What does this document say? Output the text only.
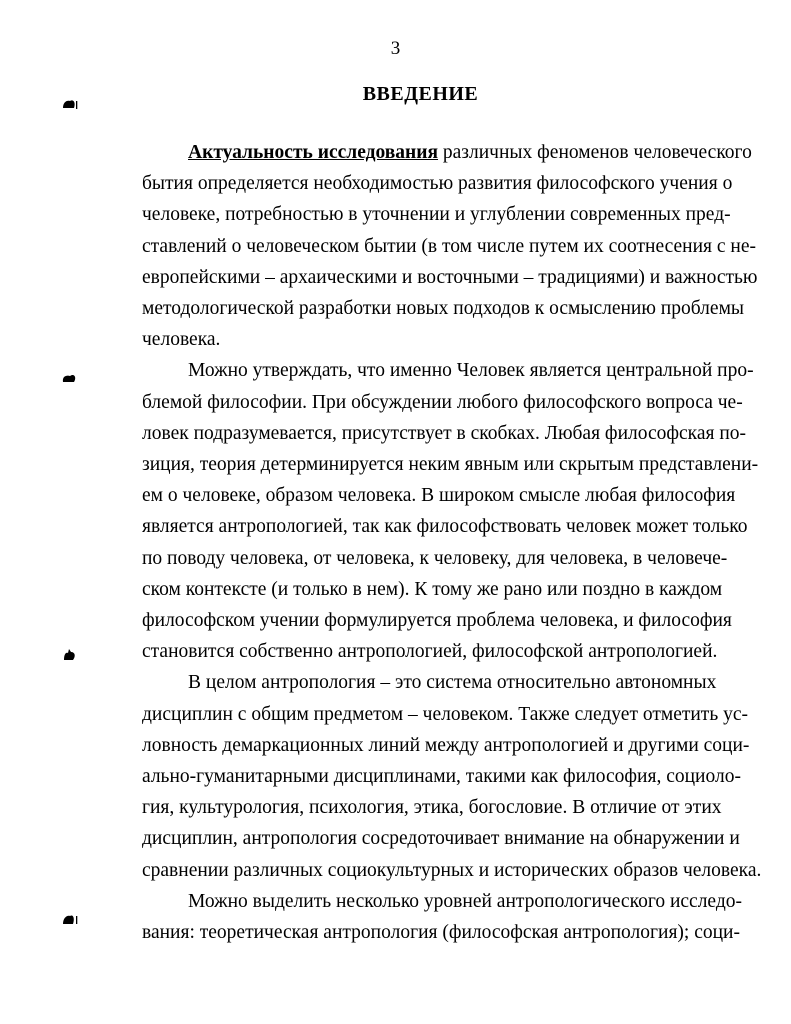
3
ВВЕДЕНИЕ
Актуальность исследования различных феноменов человеческого
бытия определяется необходимостью развития философского учения о
человеке, потребностью в уточнении и углублении современных пред-
ставлений о человеческом бытии (в том числе путем их соотнесения с не-
европейскими – архаическими и восточными – традициями) и важностью
методологической разработки новых подходов к осмыслению проблемы
человека.
Можно утверждать, что именно Человек является центральной про-
блемой философии. При обсуждении любого философского вопроса че-
ловек подразумевается, присутствует в скобках. Любая философская по-
зиция, теория детерминируется неким явным или скрытым представлени-
ем о человеке, образом человека. В широком смысле любая философия
является антропологией, так как философствовать человек может только
по поводу человека, от человека, к человеку, для человека, в человече-
ском контексте (и только в нем). К тому же рано или поздно в каждом
философском учении формулируется проблема человека, и философия
становится собственно антропологией, философской антропологией.
В целом антропология – это система относительно автономных
дисциплин с общим предметом – человеком. Также следует отметить ус-
ловность демаркационных линий между антропологией и другими соци-
ально-гуманитарными дисциплинами, такими как философия, социоло-
гия, культурология, психология, этика, богословие. В отличие от этих
дисциплин, антропология сосредоточивает внимание на обнаружении и
сравнении различных социокультурных и исторических образов человека.
Можно выделить несколько уровней антропологического исследо-
вания: теоретическая антропология (философская антропология); соци-
